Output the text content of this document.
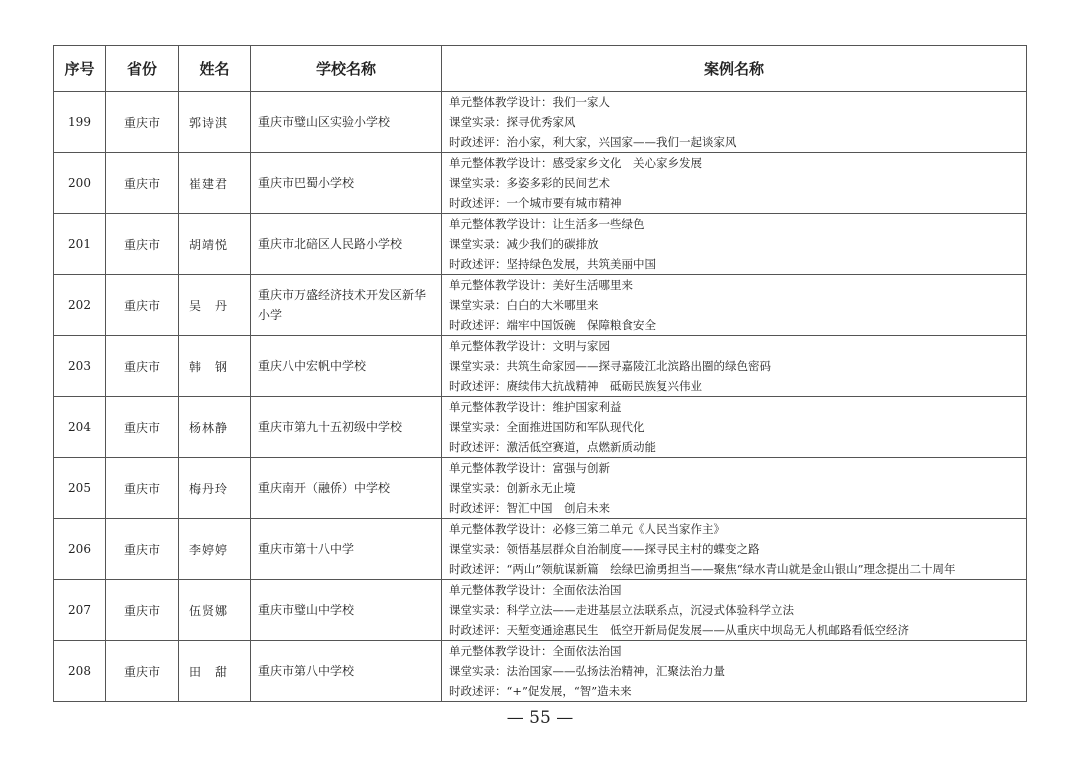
序号	省份	姓名	学校名称	案例名称
199	重庆市	郭诗淇	重庆市璧山区实验小学校	单元整体教学设计：我们一家人
课堂实录：探寻优秀家风
时政述评：治小家，利大家，兴国家——我们一起谈家风

200	重庆市	崔建君	重庆市巴蜀小学校	单元整体教学设计：感受家乡文化　关心家乡发展
课堂实录：多姿多彩的民间艺术
时政述评：一个城市要有城市精神

201	重庆市	胡靖悦	重庆市北碚区人民路小学校	单元整体教学设计：让生活多一些绿色
课堂实录：减少我们的碳排放
时政述评：坚持绿色发展，共筑美丽中国

202	重庆市	吴　丹	重庆市万盛经济技术开发区新华小学	单元整体教学设计：美好生活哪里来
课堂实录：白白的大米哪里来
时政述评：端牢中国饭碗　保障粮食安全

203	重庆市	韩　钢	重庆八中宏帆中学校	单元整体教学设计：文明与家园
课堂实录：共筑生命家园——探寻嘉陵江北滨路出圈的绿色密码
时政述评：赓续伟大抗战精神　砥砺民族复兴伟业

204	重庆市	杨林静	重庆市第九十五初级中学校	单元整体教学设计：维护国家利益
课堂实录：全面推进国防和军队现代化
时政述评：激活低空赛道，点燃新质动能

205	重庆市	梅丹玲	重庆南开（融侨）中学校	单元整体教学设计：富强与创新
课堂实录：创新永无止境
时政述评：智汇中国　创启未来

206	重庆市	李婷婷	重庆市第十八中学	单元整体教学设计：必修三第二单元《人民当家作主》
课堂实录：领悟基层群众自治制度——探寻民主村的蝶变之路
时政述评：“两山”领航谋新篇　绘绿巴渝勇担当——聚焦“绿水青山就是金山银山”理念提出二十周年

207	重庆市	伍贤娜	重庆市璧山中学校	单元整体教学设计：全面依法治国
课堂实录：科学立法——走进基层立法联系点，沉浸式体验科学立法
时政述评：天堑变通途惠民生　低空开新局促发展——从重庆中坝岛无人机邮路看低空经济

208	重庆市	田　甜	重庆市第八中学校	单元整体教学设计：全面依法治国
课堂实录：法治国家——弘扬法治精神，汇聚法治力量
时政述评：“+”促发展，“智”造未来
— 55 —
